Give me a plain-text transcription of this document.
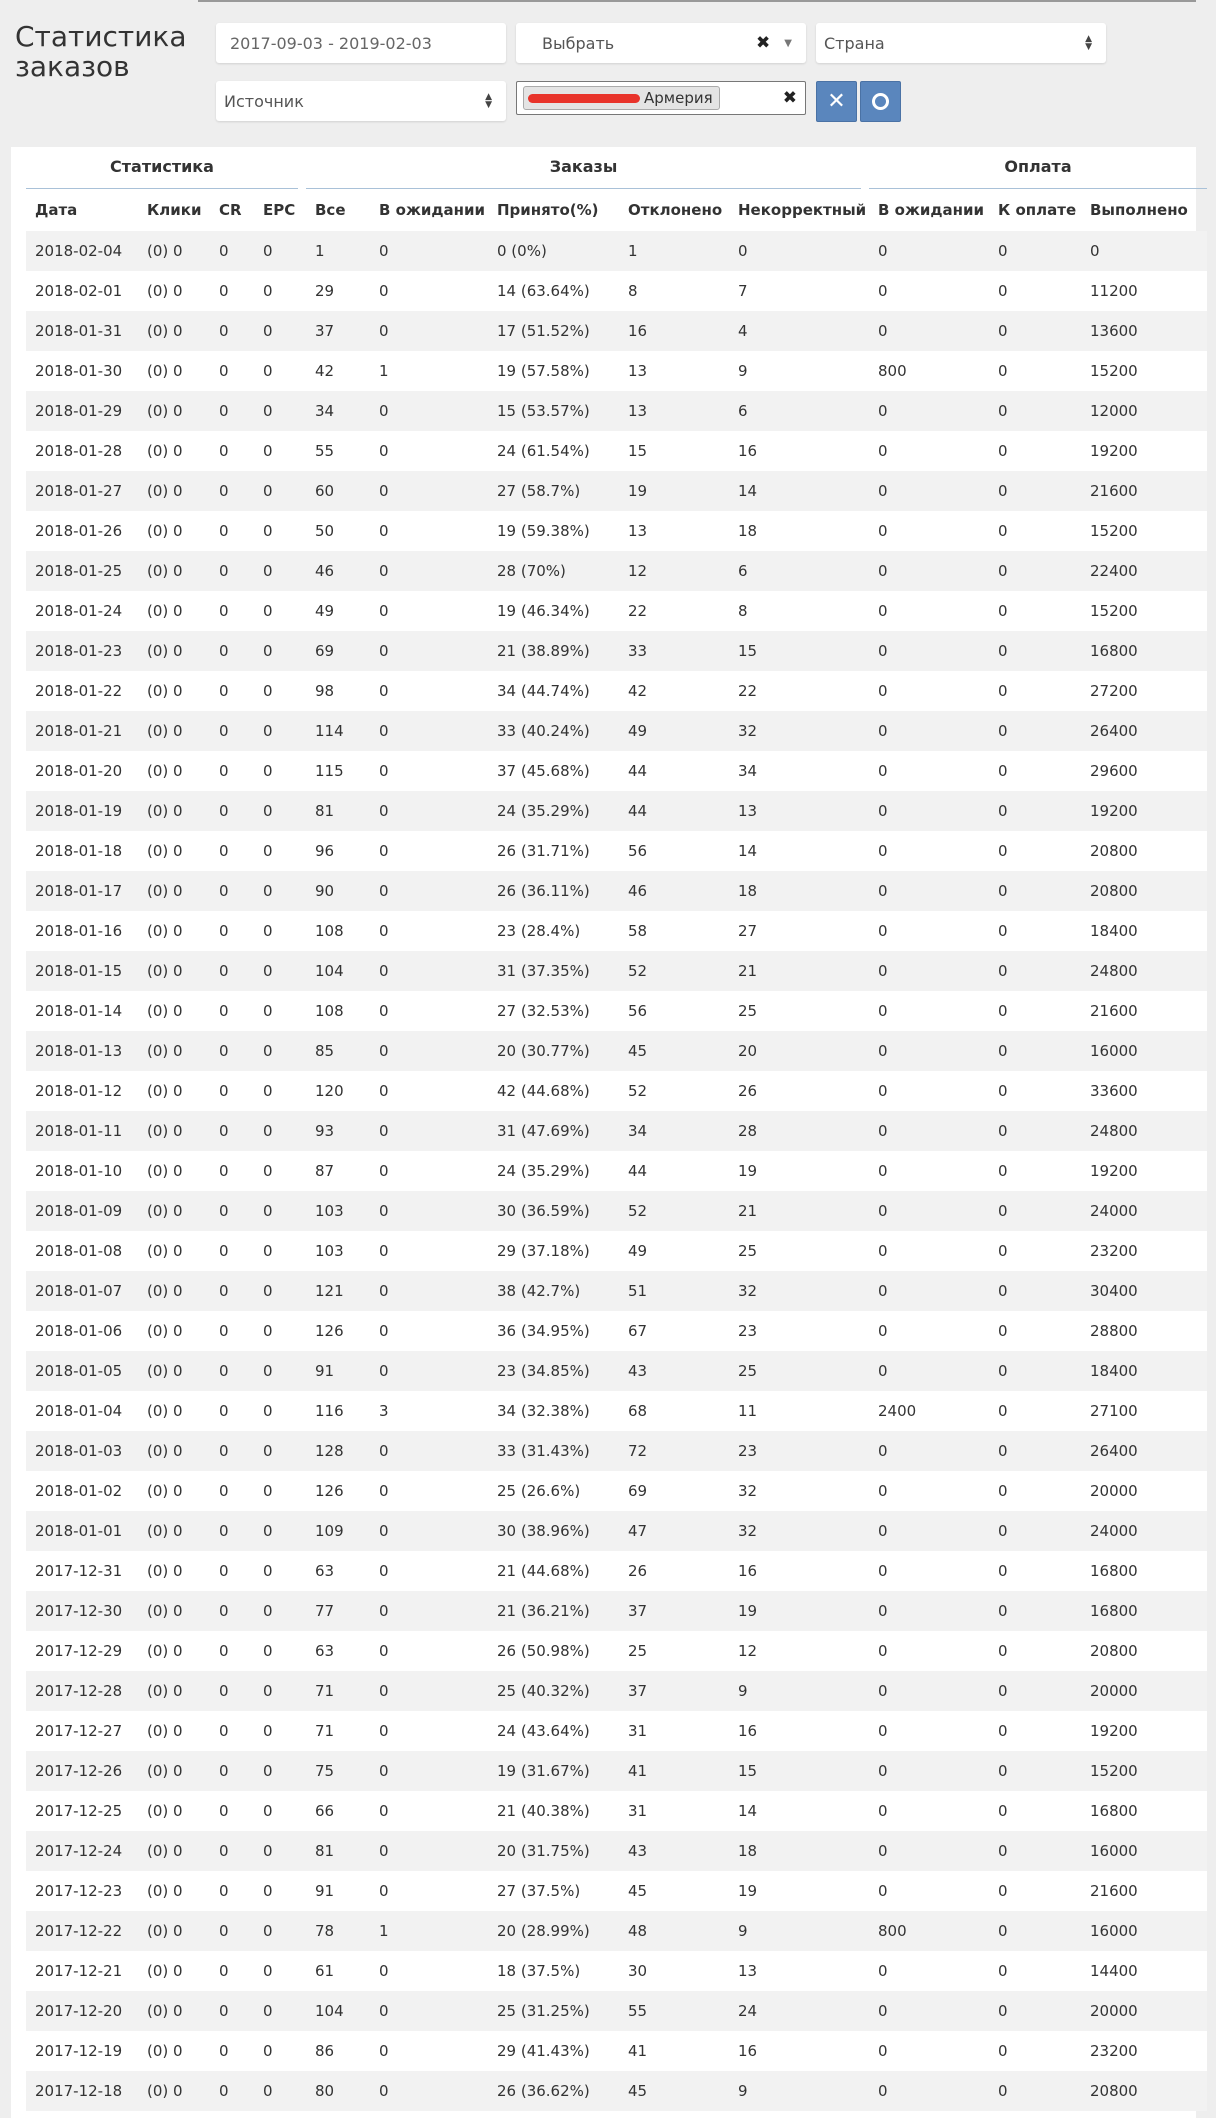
Статистика заказов
2017-09-03 - 2019-02-03	Выбрать	✖ ▼ Страна	▲
▼
Источник	▲
▼	Армерия	✖ ✕
Статистика				Заказы					Оплата		

Дата	Клики	CR	EPC	Все	В ожидании	Принято(%)	Отклонено	Некорректный	В ожидании	К оплате	Выполнено
2018-02-04	(0) 0	0	0	1	0	0 (0%)	1	0	0	0	0
2018-02-01	(0) 0	0	0	29	0	14 (63.64%)	8	7	0	0	11200
2018-01-31	(0) 0	0	0	37	0	17 (51.52%)	16	4	0	0	13600
2018-01-30	(0) 0	0	0	42	1	19 (57.58%)	13	9	800	0	15200
2018-01-29	(0) 0	0	0	34	0	15 (53.57%)	13	6	0	0	12000
2018-01-28	(0) 0	0	0	55	0	24 (61.54%)	15	16	0	0	19200
2018-01-27	(0) 0	0	0	60	0	27 (58.7%)	19	14	0	0	21600
2018-01-26	(0) 0	0	0	50	0	19 (59.38%)	13	18	0	0	15200
2018-01-25	(0) 0	0	0	46	0	28 (70%)	12	6	0	0	22400
2018-01-24	(0) 0	0	0	49	0	19 (46.34%)	22	8	0	0	15200
2018-01-23	(0) 0	0	0	69	0	21 (38.89%)	33	15	0	0	16800
2018-01-22	(0) 0	0	0	98	0	34 (44.74%)	42	22	0	0	27200
2018-01-21	(0) 0	0	0	114	0	33 (40.24%)	49	32	0	0	26400
2018-01-20	(0) 0	0	0	115	0	37 (45.68%)	44	34	0	0	29600
2018-01-19	(0) 0	0	0	81	0	24 (35.29%)	44	13	0	0	19200
2018-01-18	(0) 0	0	0	96	0	26 (31.71%)	56	14	0	0	20800
2018-01-17	(0) 0	0	0	90	0	26 (36.11%)	46	18	0	0	20800
2018-01-16	(0) 0	0	0	108	0	23 (28.4%)	58	27	0	0	18400
2018-01-15	(0) 0	0	0	104	0	31 (37.35%)	52	21	0	0	24800
2018-01-14	(0) 0	0	0	108	0	27 (32.53%)	56	25	0	0	21600
2018-01-13	(0) 0	0	0	85	0	20 (30.77%)	45	20	0	0	16000
2018-01-12	(0) 0	0	0	120	0	42 (44.68%)	52	26	0	0	33600
2018-01-11	(0) 0	0	0	93	0	31 (47.69%)	34	28	0	0	24800
2018-01-10	(0) 0	0	0	87	0	24 (35.29%)	44	19	0	0	19200
2018-01-09	(0) 0	0	0	103	0	30 (36.59%)	52	21	0	0	24000
2018-01-08	(0) 0	0	0	103	0	29 (37.18%)	49	25	0	0	23200
2018-01-07	(0) 0	0	0	121	0	38 (42.7%)	51	32	0	0	30400
2018-01-06	(0) 0	0	0	126	0	36 (34.95%)	67	23	0	0	28800
2018-01-05	(0) 0	0	0	91	0	23 (34.85%)	43	25	0	0	18400
2018-01-04	(0) 0	0	0	116	3	34 (32.38%)	68	11	2400	0	27100
2018-01-03	(0) 0	0	0	128	0	33 (31.43%)	72	23	0	0	26400
2018-01-02	(0) 0	0	0	126	0	25 (26.6%)	69	32	0	0	20000
2018-01-01	(0) 0	0	0	109	0	30 (38.96%)	47	32	0	0	24000
2017-12-31	(0) 0	0	0	63	0	21 (44.68%)	26	16	0	0	16800
2017-12-30	(0) 0	0	0	77	0	21 (36.21%)	37	19	0	0	16800
2017-12-29	(0) 0	0	0	63	0	26 (50.98%)	25	12	0	0	20800
2017-12-28	(0) 0	0	0	71	0	25 (40.32%)	37	9	0	0	20000
2017-12-27	(0) 0	0	0	71	0	24 (43.64%)	31	16	0	0	19200
2017-12-26	(0) 0	0	0	75	0	19 (31.67%)	41	15	0	0	15200
2017-12-25	(0) 0	0	0	66	0	21 (40.38%)	31	14	0	0	16800
2017-12-24	(0) 0	0	0	81	0	20 (31.75%)	43	18	0	0	16000
2017-12-23	(0) 0	0	0	91	0	27 (37.5%)	45	19	0	0	21600
2017-12-22	(0) 0	0	0	78	1	20 (28.99%)	48	9	800	0	16000
2017-12-21	(0) 0	0	0	61	0	18 (37.5%)	30	13	0	0	14400
2017-12-20	(0) 0	0	0	104	0	25 (31.25%)	55	24	0	0	20000
2017-12-19	(0) 0	0	0	86	0	29 (41.43%)	41	16	0	0	23200
2017-12-18	(0) 0	0	0	80	0	26 (36.62%)	45	9	0	0	20800
